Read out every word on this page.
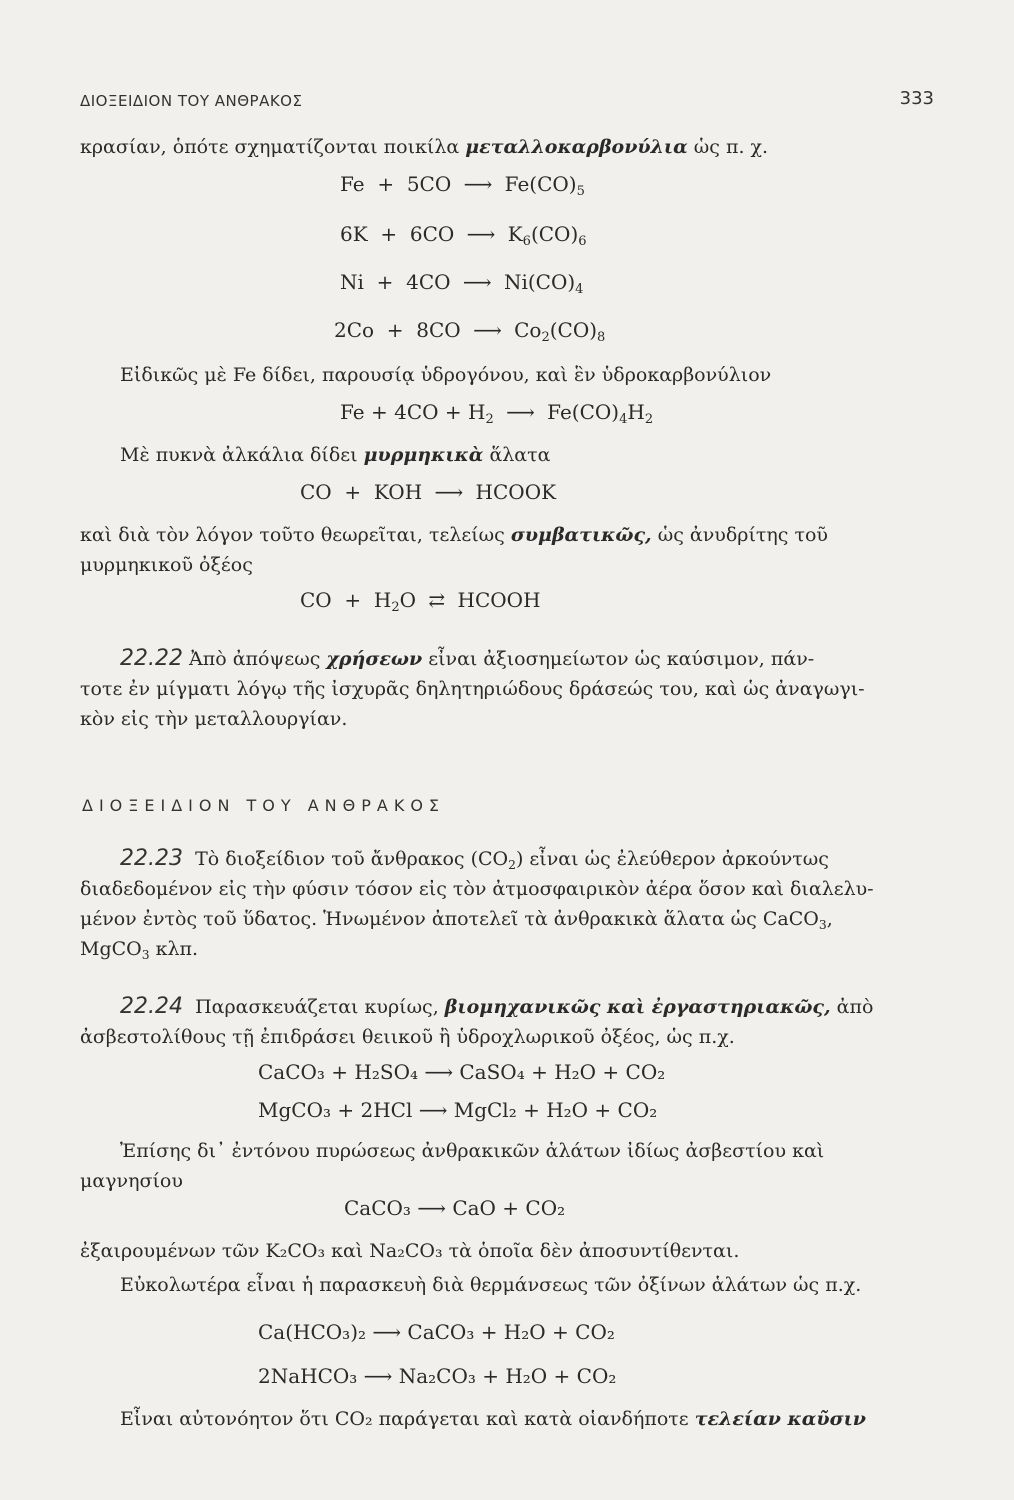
ΔΙΟΞΕΙΔΙΟΝ ΤΟΥ ΑΝΘΡΑΚΟΣ	333
κρασίαν, ὁπότε σχηματίζονται ποικίλα μεταλλοκαρβονύλια ὡς π. χ.
Fe + 5CO ⟶ $Fe(CO)_5$
6K + 6CO ⟶ $K_6(CO)_6$
Ni + 4CO ⟶ $Ni(CO)_4$
2Co + 8CO ⟶ $Co_2(CO)_8$
Εἰδικῶς μὲ Fe δίδει, παρουσίᾳ ὑδρογόνου, καὶ ἓν ὑδροκαρβονύλιον
$Fe + 4CO + H_2$ ⟶ $Fe(CO)_4H_2$
Μὲ πυκνὰ ἀλκάλια δίδει μυρμηκικὰ ἅλατα
CO + KOH ⟶ HCOOK
καὶ διὰ τὸν λόγον τοῦτο θεωρεῖται, τελείως συμβατικῶς, ὡς ἀνυδρίτης τοῦ
μυρμηκικοῦ ὀξέος
CO + $H_2O$ ⇄ HCOOH
22.22 Ἀπὸ ἀπόψεως χρήσεων εἶναι ἀξιοσημείωτον ὡς καύσιμον, πάν-
τοτε ἐν μίγματι λόγῳ τῆς ἰσχυρᾶς δηλητηριώδους δράσεώς του, καὶ ὡς ἀναγωγι-
κὸν εἰς τὴν μεταλλουργίαν.
ΔΙΟΞΕΙΔΙΟΝ ΤΟΥ ΑΝΘΡΑΚΟΣ
22.23 Τὸ διοξείδιον τοῦ ἄνθρακος $(CO_2)$ εἶναι ὡς ἐλεύθερον ἀρκούντως
διαδεδομένον εἰς τὴν φύσιν τόσον εἰς τὸν ἀτμοσφαιρικὸν ἀέρα ὅσον καὶ διαλελυ-
μένον ἐντὸς τοῦ ὕδατος. Ἡνωμένον ἀποτελεῖ τὰ ἀνθρακικὰ ἅλατα ὡς CaCO$_3$,
MgCO$_3$ κλπ.
22.24 Παρασκευάζεται κυρίως, βιομηχανικῶς καὶ ἐργαστηριακῶς, ἀπὸ
ἀσβεστολίθους τῇ ἐπιδράσει θειικοῦ ἢ ὑδροχλωρικοῦ ὀξέος, ὡς π.χ.
CaCO₃ + H₂SO₄ ⟶ CaSO₄ + H₂O + CO₂
MgCO₃ + 2HCl ⟶ MgCl₂ + H₂O + CO₂
Ἐπίσης δι᾽ ἐντόνου πυρώσεως ἀνθρακικῶν ἁλάτων ἰδίως ἀσβεστίου καὶ
μαγνησίου
CaCO₃ ⟶ CaO + CO₂
ἐξαιρουμένων τῶν K₂CO₃ καὶ Na₂CO₃ τὰ ὁποῖα δὲν ἀποσυντίθενται.
Εὐκολωτέρα εἶναι ἡ παρασκευὴ διὰ θερμάνσεως τῶν ὀξίνων ἁλάτων ὡς π.χ.
Ca(HCO₃)₂ ⟶ CaCO₃ + H₂O + CO₂
2NaHCO₃ ⟶ Na₂CO₃ + H₂O + CO₂
Εἶναι αὐτονόητον ὅτι CO₂ παράγεται καὶ κατὰ οἱανδήποτε τελείαν καῦσιν
